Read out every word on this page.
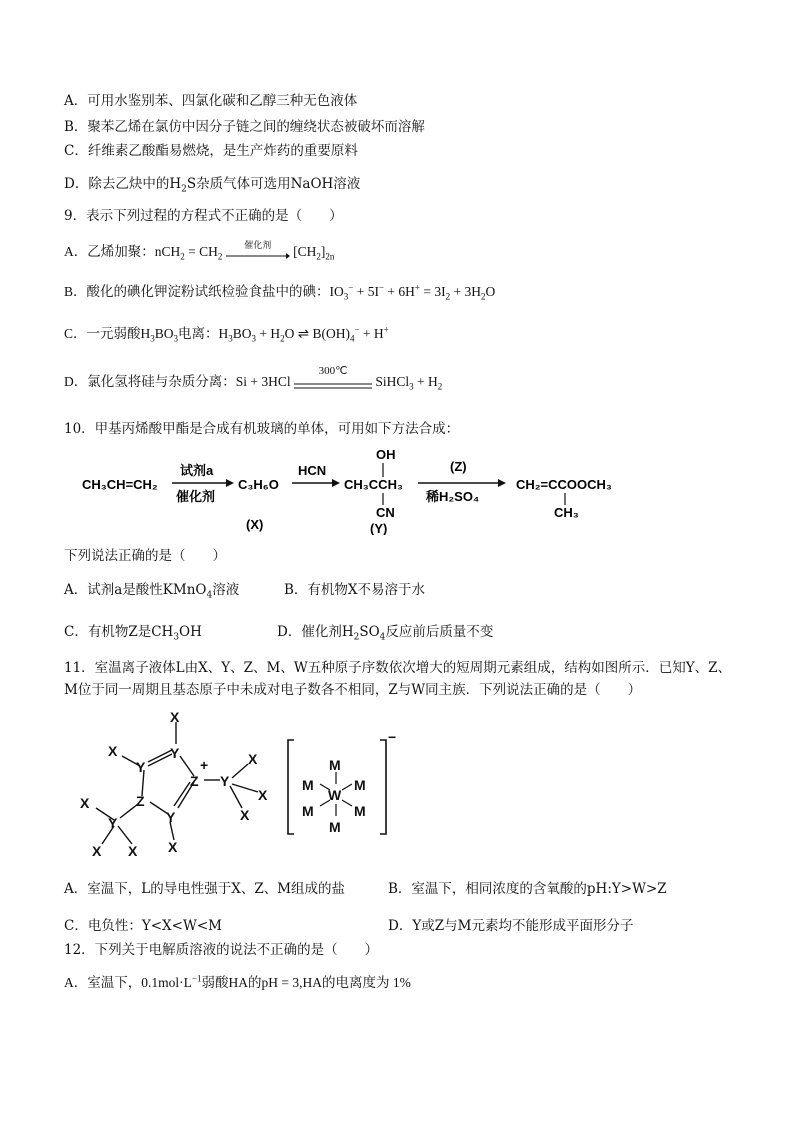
A．可用水鉴别苯、四氯化碳和乙醇三种无色液体
B．聚苯乙烯在氯仿中因分子链之间的缠绕状态被破坏而溶解
C．纤维素乙酸酯易燃烧，是生产炸药的重要原料
D．除去乙炔中的$H_2S$杂质气体可选用NaOH溶液
9．表示下列过程的方程式不正确的是（　　）
A．乙烯加聚：$nCH_2 = CH_2$
催化剂	$[CH_2]_{2n}$
B．酸化的碘化钾淀粉试纸检验食盐中的碘：$IO_3^- + 5I^- + 6H^+ = 3I_2 + 3H_2O$
C．一元弱酸$H_3BO_3$电离：$H_3BO_3 + H_2O$ ⇌ $B(OH)_4^- + H^+$
D．氯化氢将硅与杂质分离：Si + 3HCl
300℃
SiHCl$_3$ + $H_2$
10．甲基丙烯酸甲酯是合成有机玻璃的单体，可用如下方法合成：
CH₃CH=CH₂
试剂a
催化剂
C₃H₆O
(X)
HCN
OH
CH₃CCH₃
CN
(Y)
(Z)
稀H₂SO₄
CH₂=CCOOCH₃
CH₃
下列说法正确的是（　　）
A．试剂a是酸性KMnO$_4$溶液	B．有机物X不易溶于水
C．有机物Z是$CH_3OH$	D．催化剂$H_2SO_4$反应前后质量不变
11．室温离子液体L由X、Y、Z、M、W五种原子序数依次增大的短周期元素组成，结构如图所示．已知Y、Z、M位于同一周期且基态原子中未成对电子数各不相同，Z与W同主族．下列说法正确的是（　　）
X
Y
X
Y
Z
+
Y
Z
Y
X
X
X
X
Y
X
X X
M
M	M
W
M	M
M
−
A．室温下，L的导电性强于X、Z、M组成的盐	B．室温下，相同浓度的含氧酸的pH:Y>W>Z
C．电负性：Y<X<W<M	D．Y或Z与M元素均不能形成平面形分子
12．下列关于电解质溶液的说法不正确的是（　　）
A．室温下，$0.1mol\cdot L^{-1}$弱酸HA的pH = 3,HA的电离度为 1%
